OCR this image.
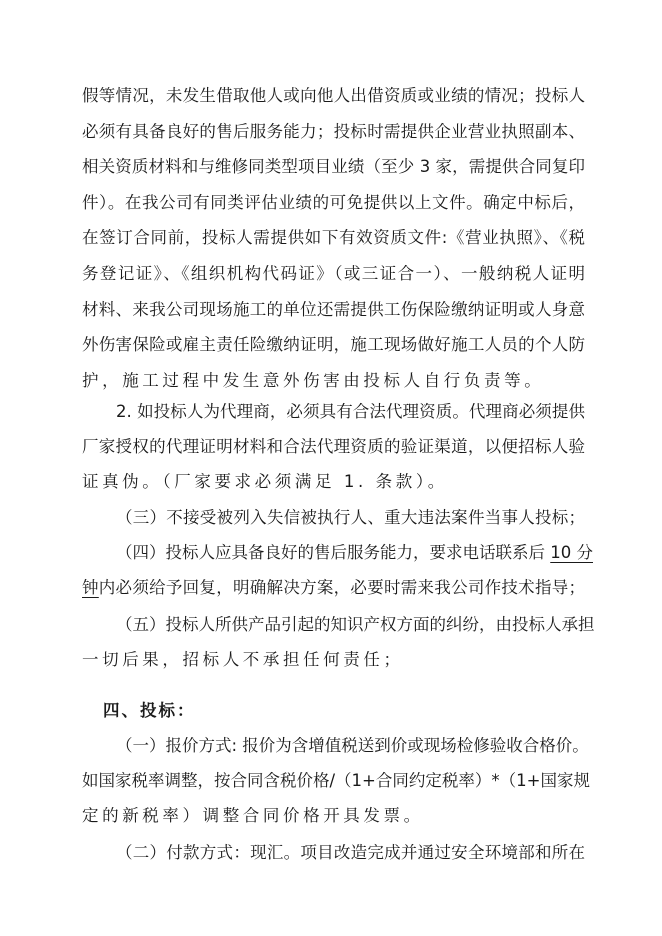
假等情况，未发生借取他人或向他人出借资质或业绩的情况；投标人
必须有具备良好的售后服务能力；投标时需提供企业营业执照副本、
相关资质材料和与维修同类型项目业绩（至少 3 家，需提供合同复印
件）。在我公司有同类评估业绩的可免提供以上文件。确定中标后，
在签订合同前，投标人需提供如下有效资质文件:《营业执照》、《税
务登记证》、《组织机构代码证》（或三证合一）、一般纳税人证明
材料、来我公司现场施工的单位还需提供工伤保险缴纳证明或人身意
外伤害保险或雇主责任险缴纳证明，施工现场做好施工人员的个人防
护，施工过程中发生意外伤害由投标人自行负责等。
2. 如投标人为代理商，必须具有合法代理资质。代理商必须提供
厂家授权的代理证明材料和合法代理资质的验证渠道，以便招标人验
证真伪。（厂家要求必须满足 1. 条款）。
（三）不接受被列入失信被执行人、重大违法案件当事人投标；
（四）投标人应具备良好的售后服务能力，要求电话联系后 10 分
钟内必须给予回复，明确解决方案，必要时需来我公司作技术指导；
（五）投标人所供产品引起的知识产权方面的纠纷，由投标人承担
一切后果，招标人不承担任何责任；
四、投标：
（一）报价方式: 报价为含增值税送到价或现场检修验收合格价。
如国家税率调整，按合同含税价格/（1+合同约定税率）*（1+国家规
定的新税率）调整合同价格开具发票。
（二）付款方式：现汇。项目改造完成并通过安全环境部和所在
